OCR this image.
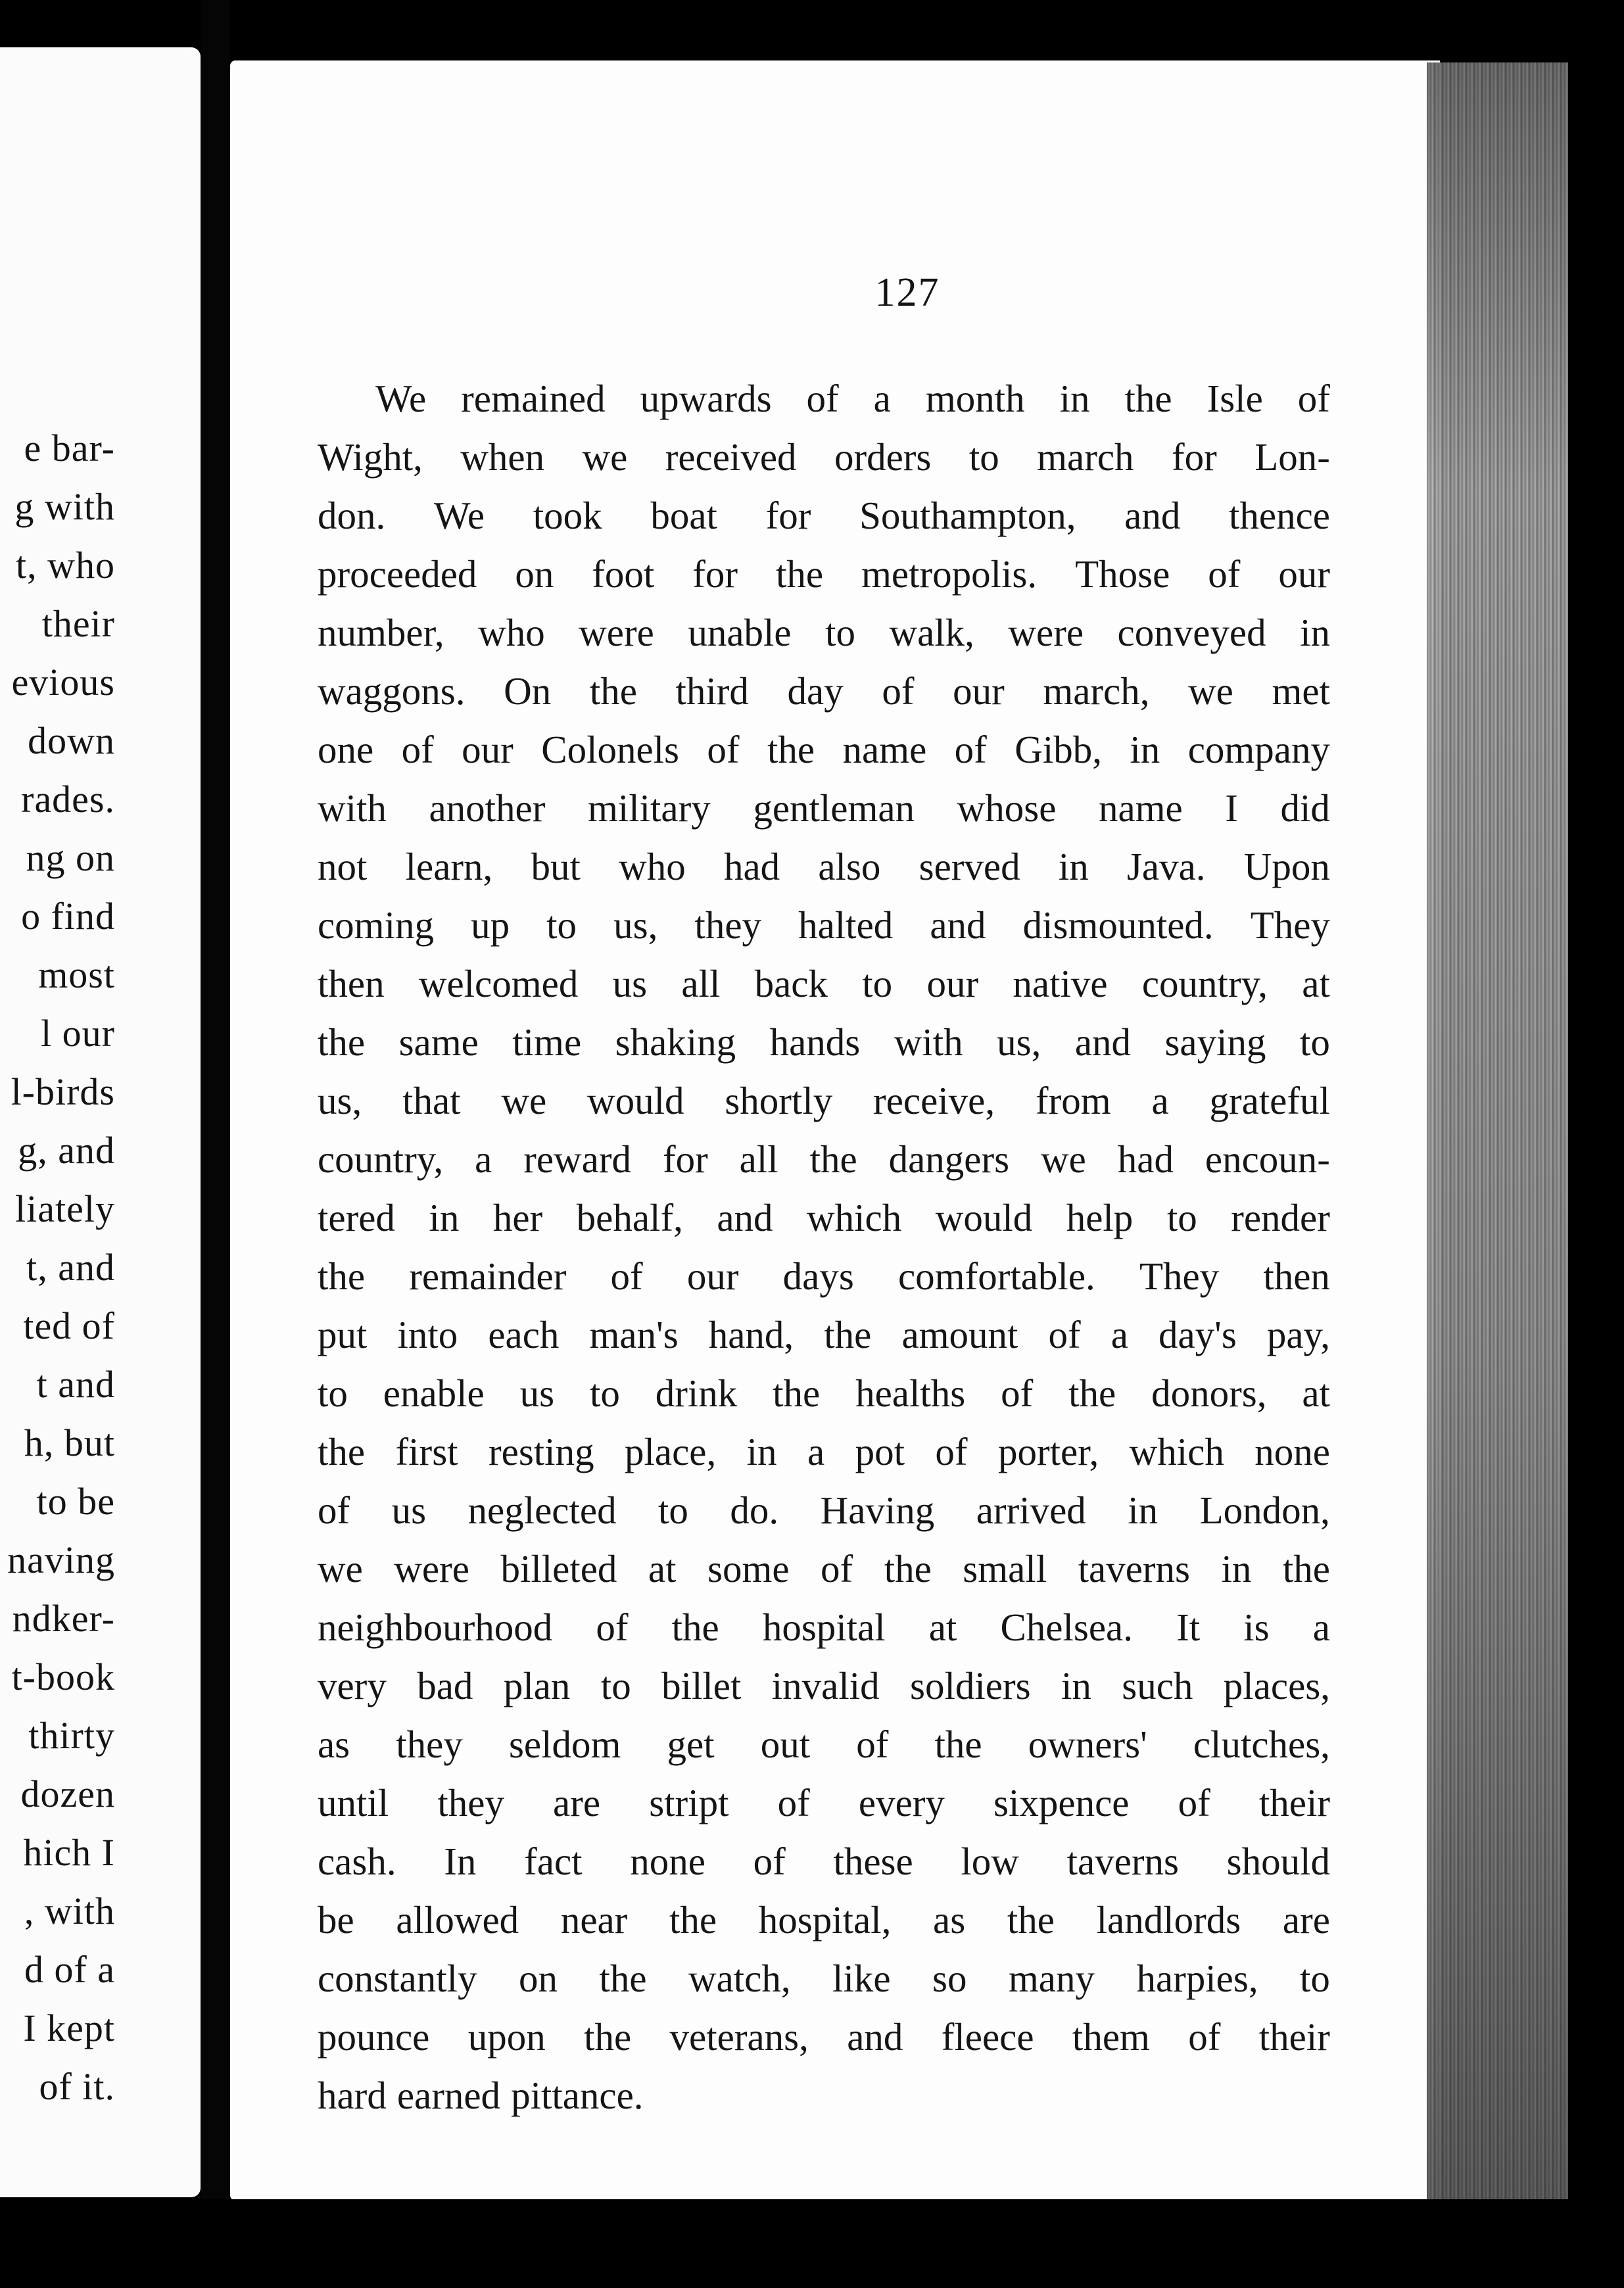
e bar-
g with
t, who
their
evious
down
rades.
ng on
o find
most
l our
l-birds
g, and
liately
t, and
ted of
t and
h, but
to be
naving
ndker-
t-book
thirty
dozen
hich I
, with
d of a
I kept
of it.
127
We remained upwards of a month in the Isle of
Wight, when we received orders to march for Lon-
don. We took boat for Southampton, and thence
proceeded on foot for the metropolis. Those of our
number, who were unable to walk, were conveyed in
waggons. On the third day of our march, we met
one of our Colonels of the name of Gibb, in company
with another military gentleman whose name I did
not learn, but who had also served in Java. Upon
coming up to us, they halted and dismounted. They
then welcomed us all back to our native country, at
the same time shaking hands with us, and saying to
us, that we would shortly receive, from a grateful
country, a reward for all the dangers we had encoun-
tered in her behalf, and which would help to render
the remainder of our days comfortable. They then
put into each man's hand, the amount of a day's pay,
to enable us to drink the healths of the donors, at
the first resting place, in a pot of porter, which none
of us neglected to do. Having arrived in London,
we were billeted at some of the small taverns in the
neighbourhood of the hospital at Chelsea. It is a
very bad plan to billet invalid soldiers in such places,
as they seldom get out of the owners' clutches,
until they are stript of every sixpence of their
cash. In fact none of these low taverns should
be allowed near the hospital, as the landlords are
constantly on the watch, like so many harpies, to
pounce upon the veterans, and fleece them of their
hard earned pittance.
